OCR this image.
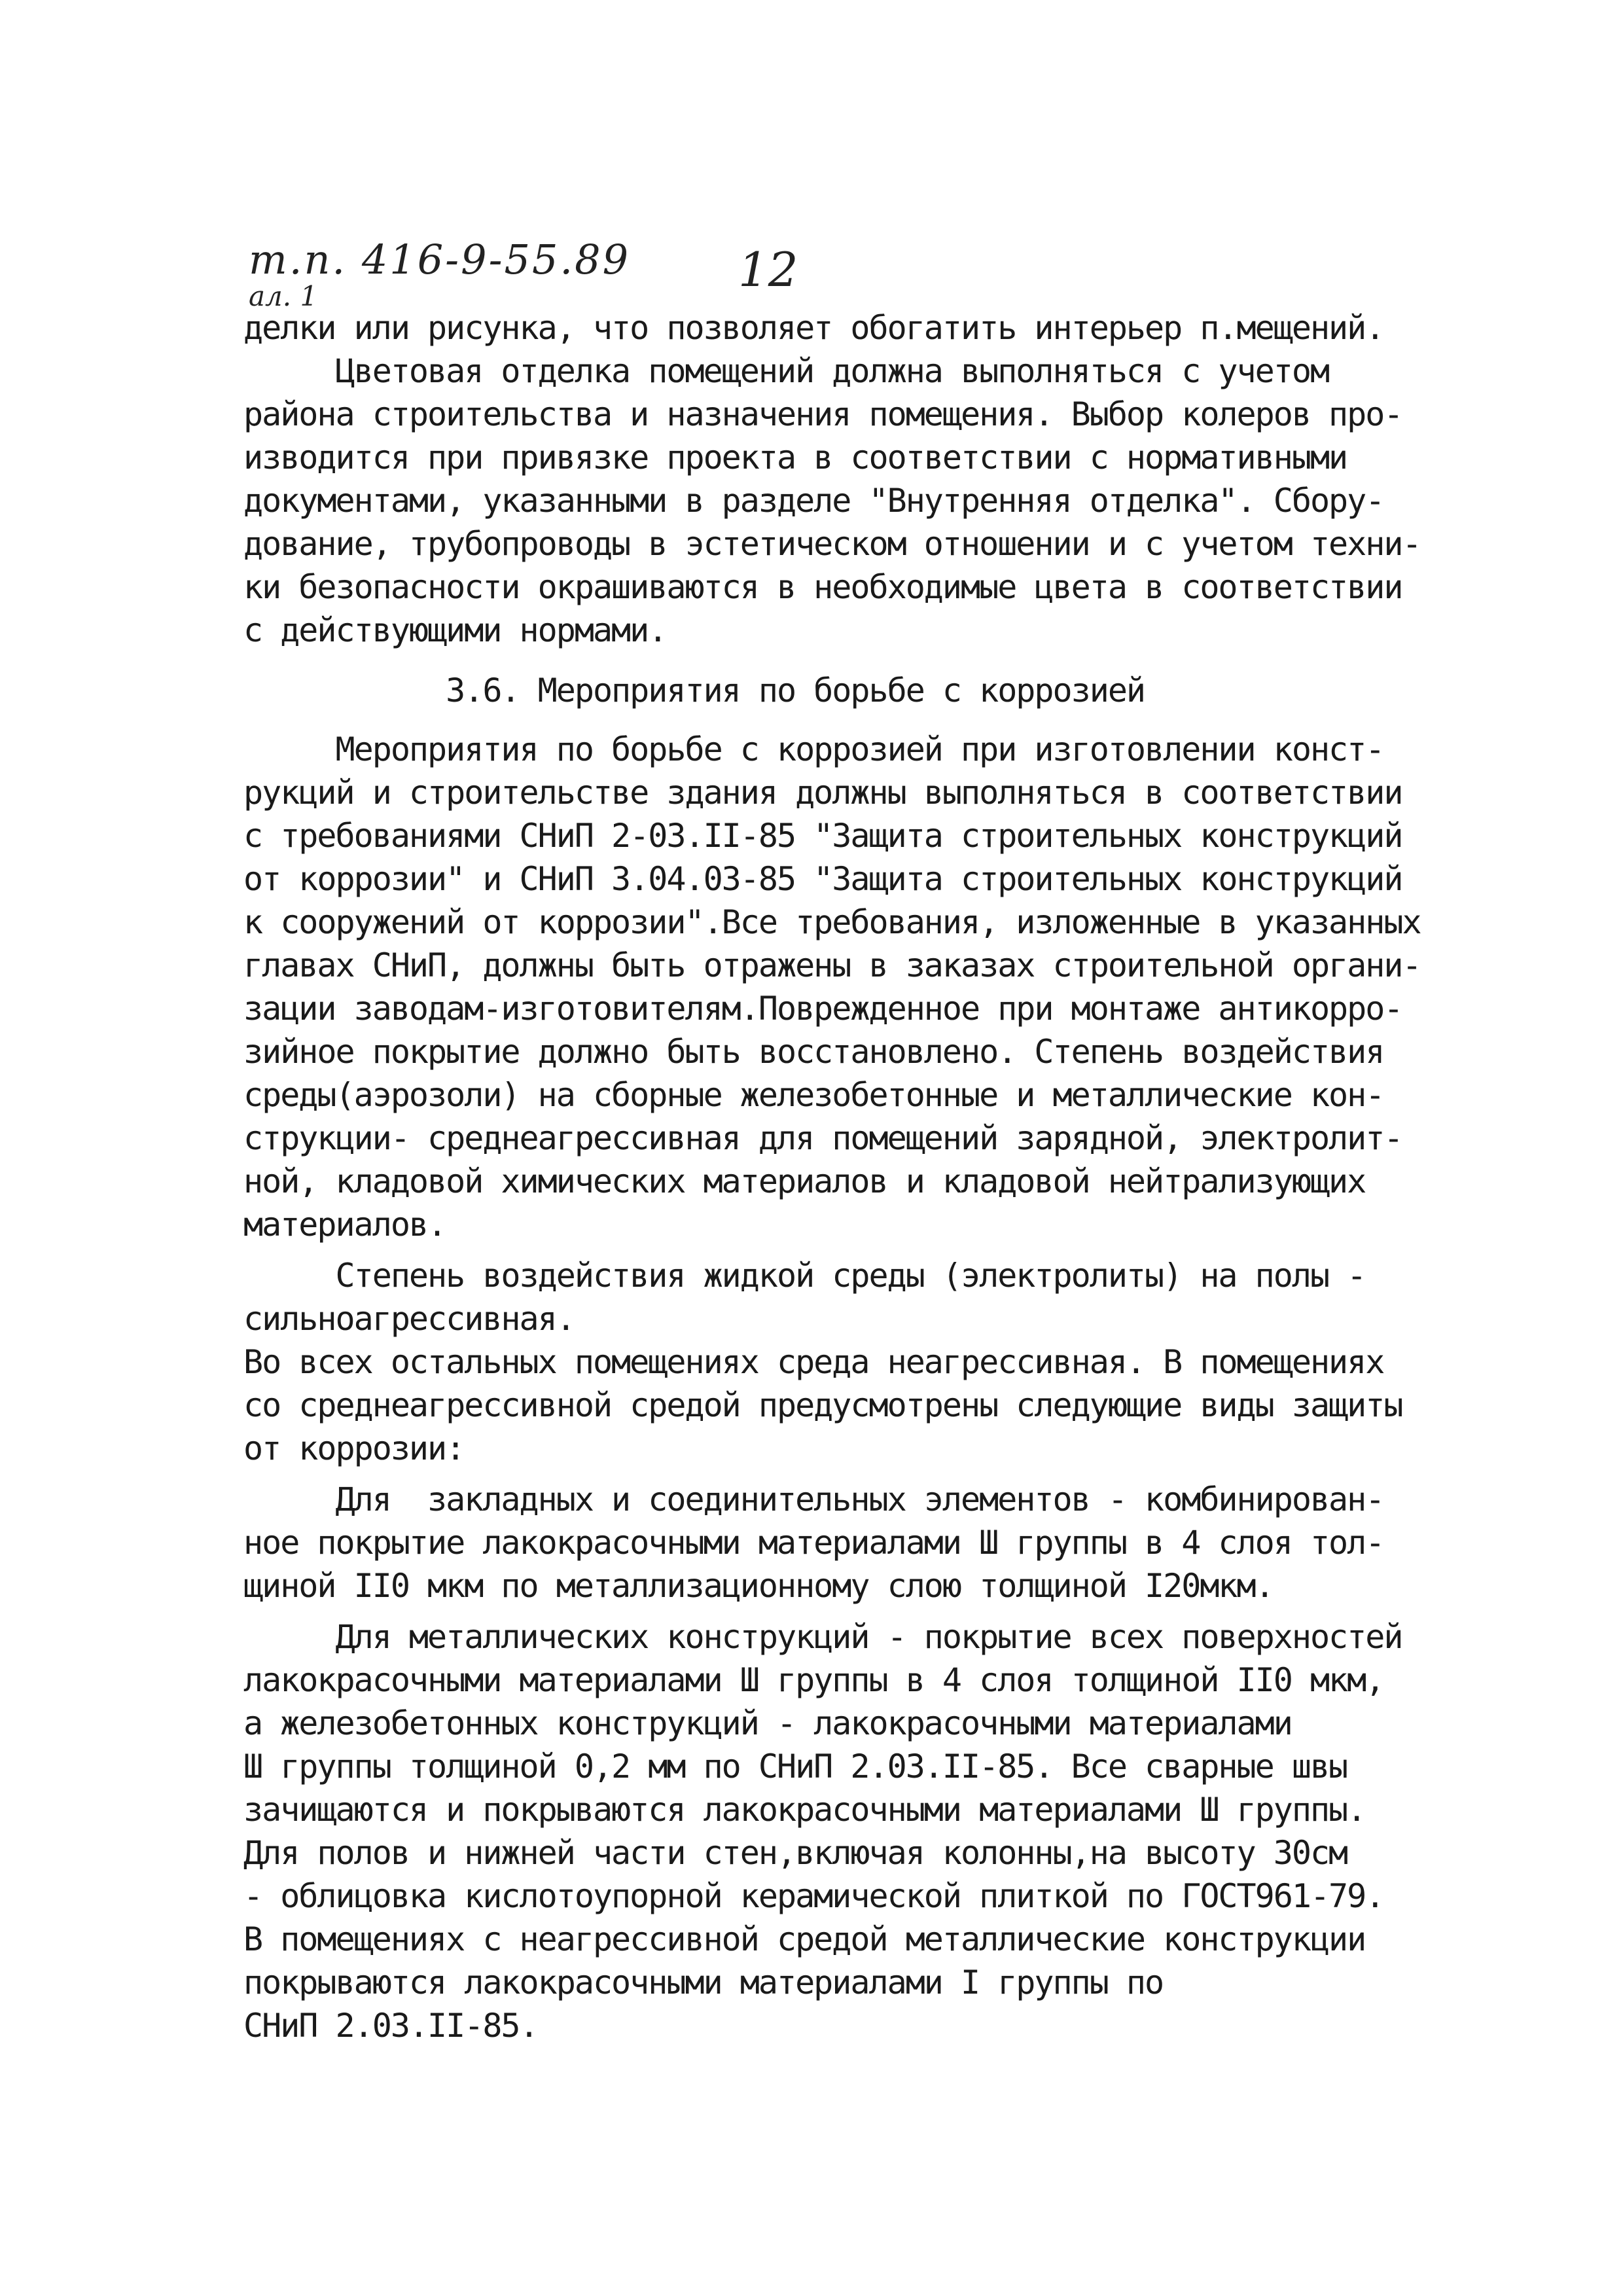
т.п. 416-9-55.89
ал. 1	12

делки или рисунка, что позволяет обогатить интерьер п.мещений.

Цветовая отделка помещений должна выполняться с учетом

района строительства и назначения помещения. Выбор колеров про-

изводится при привязке проекта в соответствии с нормативными

документами, указанными в разделе "Внутренняя отделка". Сбору-

дование, трубопроводы в эстетическом отношении и с учетом техни-

ки безопасности окрашиваются в необходимые цвета в соответствии

с действующими нормами.

3.6. Мероприятия по борьбе с коррозией

Мероприятия по борьбе с коррозией при изготовлении конст-

рукций и строительстве здания должны выполняться в соответствии

с требованиями СНиП 2-03.II-85 "Защита строительных конструкций

от коррозии" и СНиП 3.04.03-85 "Защита строительных конструкций

к сооружений от коррозии".Все требования, изложенные в указанных

главах СНиП, должны быть отражены в заказах строительной органи-

зации заводам-изготовителям.Поврежденное при монтаже антикорро-

зийное покрытие должно быть восстановлено. Степень воздействия

среды(аэрозоли) на сборные железобетонные и металлические кон-

струкции- среднеагрессивная для помещений зарядной, электролит-

ной, кладовой химических материалов и кладовой нейтрализующих

материалов.

Степень воздействия жидкой среды (электролиты) на полы -

сильноагрессивная.

Во всех остальных помещениях среда неагрессивная. В помещениях

со среднеагрессивной средой предусмотрены следующие виды защиты

от коррозии:

Для  закладных и соединительных элементов - комбинирован-

ное покрытие лакокрасочными материалами Ш группы в 4 слоя тол-

щиной II0 мкм по металлизационному слою толщиной I20мкм.

Для металлических конструкций - покрытие всех поверхностей

лакокрасочными материалами Ш группы в 4 слоя толщиной II0 мкм,

а железобетонных конструкций - лакокрасочными материалами

Ш группы толщиной 0,2 мм по СНиП 2.03.II-85. Все сварные швы

зачищаются и покрываются лакокрасочными материалами Ш группы.

Для полов и нижней части стен,включая колонны,на высоту 30см

- облицовка кислотоупорной керамической плиткой по ГОСТ961-79.

В помещениях с неагрессивной средой металлические конструкции

покрываются лакокрасочными материалами I группы по

СНиП 2.03.II-85.
